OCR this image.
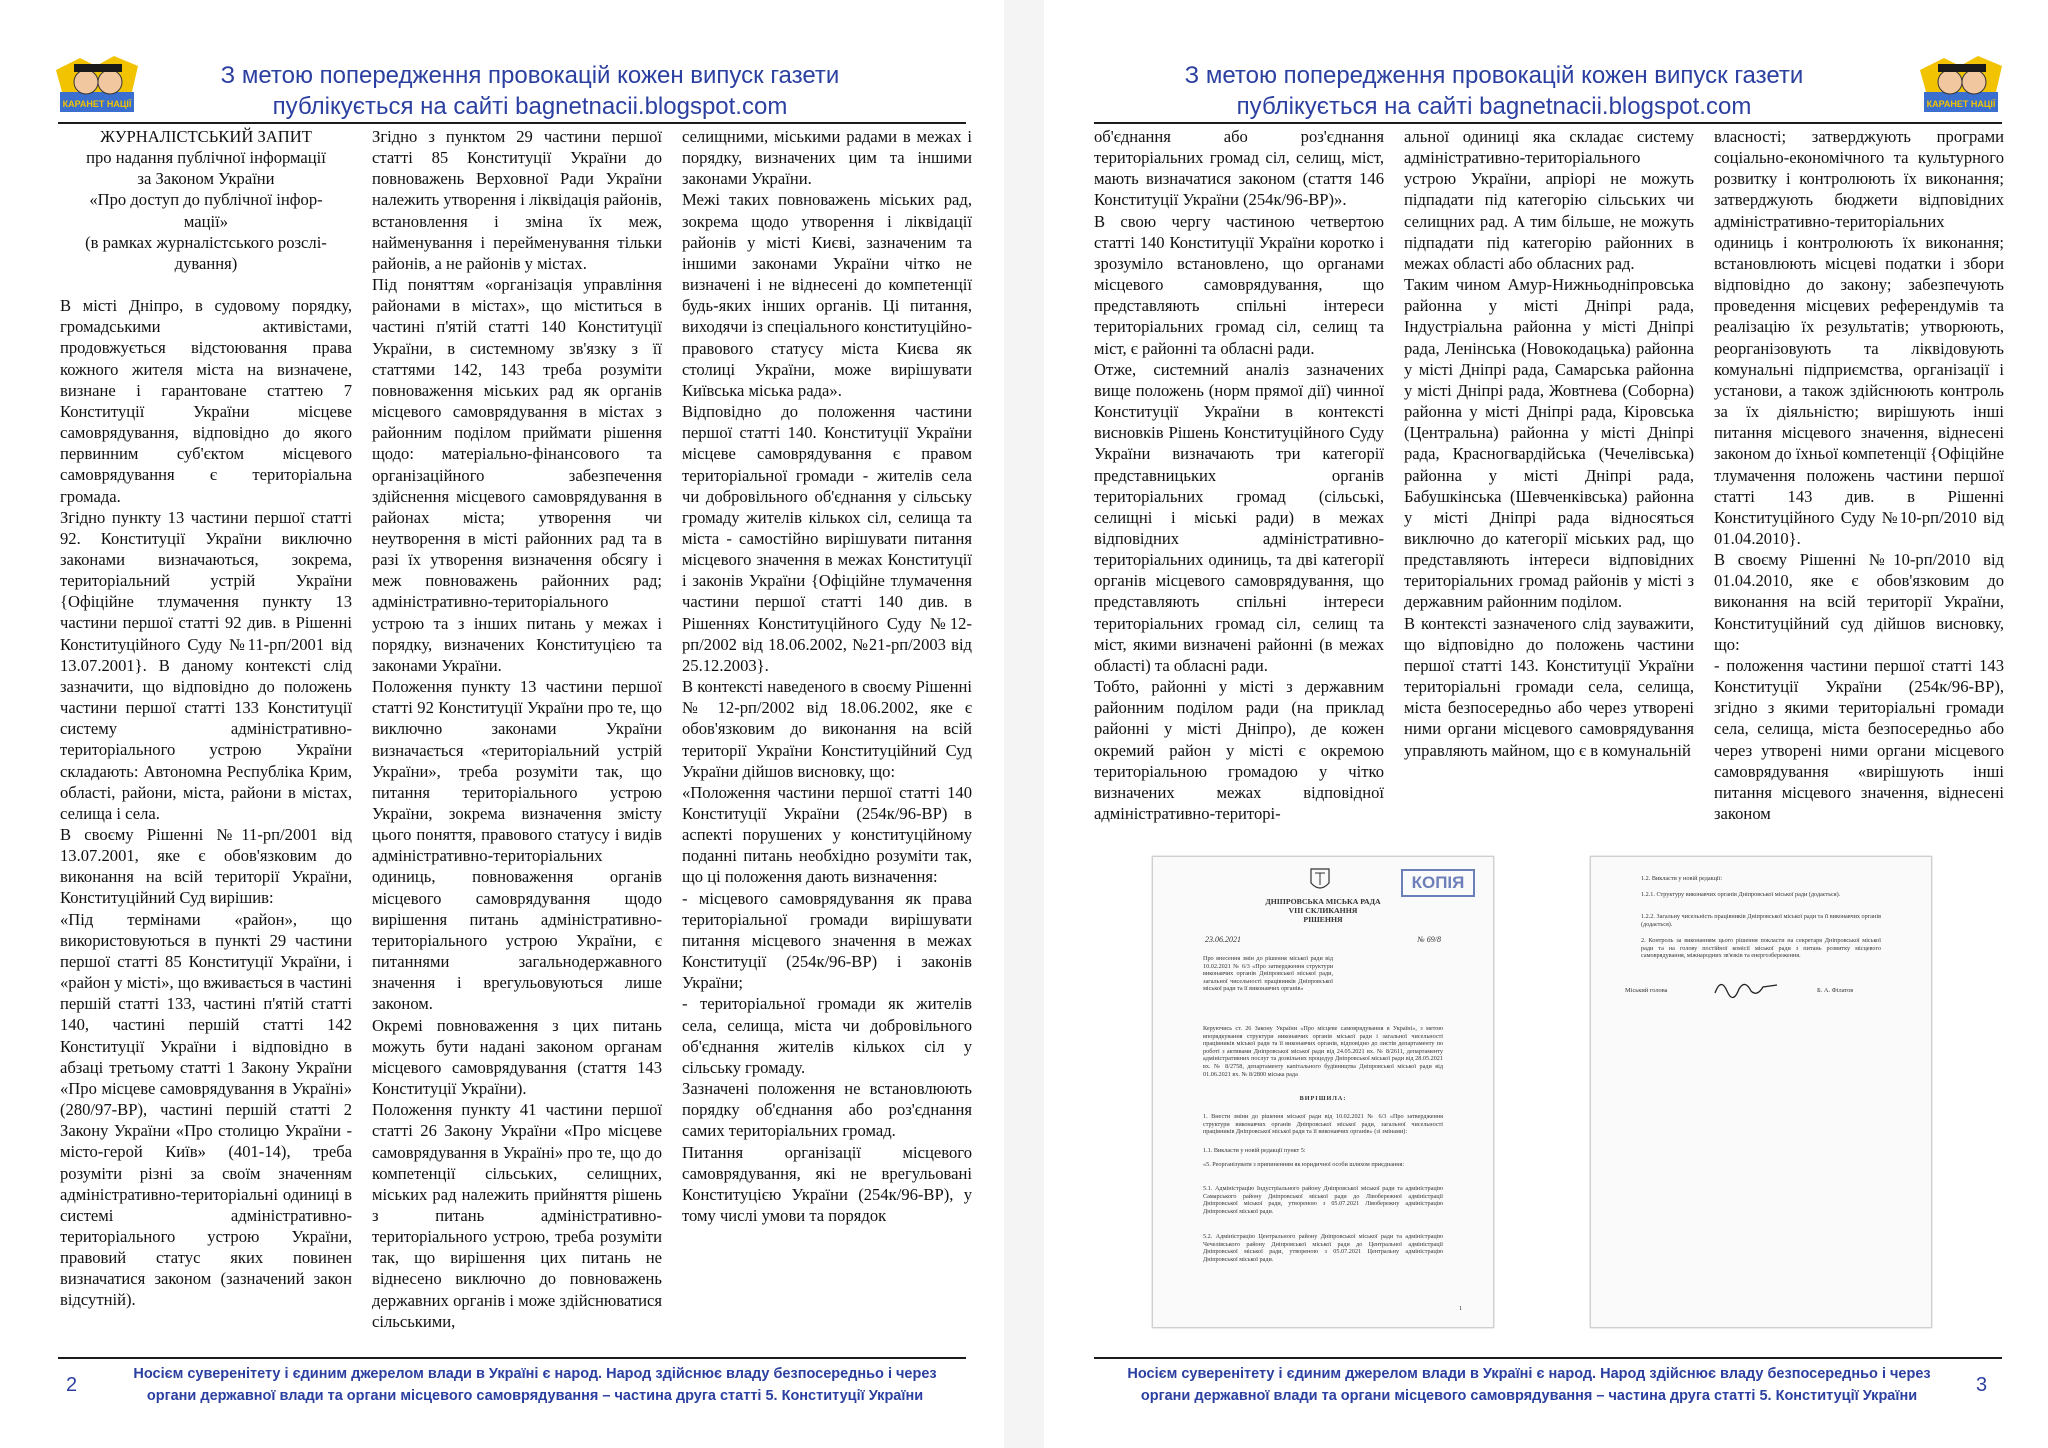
КАРАНЕТ НАЦІЇ
З метою попередження провокацій кожен випуск газети
публікується на сайті bagnetnacii.blogspot.com
ЖУРНАЛІСТСЬКИЙ ЗАПИТ
про надання публічної інформації
за Законом України
«Про доступ до публічної інфор-
мації»
(в рамках журналістського розслі-
дування)

В місті Дніпро, в судовому порядку, громадськими активістами, продовжується відстоювання права кожного жителя міста на визначене, визнане і гарантоване статтею 7 Конституції України місцеве самоврядування, відповідно до якого первинним суб'єктом місцевого самоврядування є територіальна громада.

Згідно пункту 13 частини першої статті 92. Конституції України виключно законами визначаються, зокрема, територіальний устрій України {Офіційне тлумачення пункту 13 частини першої статті 92 див. в Рішенні Конституційного Суду №11-рп/2001 від 13.07.2001}. В даному контексті слід зазначити, що відповідно до положень частини першої статті 133 Конституції систему адміністративно-територіального устрою України складають: Автономна Республіка Крим, області, райони, міста, райони в містах, селища і села.

В своєму Рішенні №11-рп/2001 від 13.07.2001, яке є обов'язковим до виконання на всій території України, Конституційний Суд вирішив:

«Під термінами «район», що використовуються в пункті 29 частини першої статті 85 Конституції України, і «район у місті», що вживається в частині першій статті 133, частині п'ятій статті 140, частині першій статті 142 Конституції України і відповідно в абзаці третьому статті 1 Закону України «Про місцеве самоврядування в Україні» (280/97-ВР), частині першій статті 2 Закону України «Про столицю України - місто-герой Київ» (401-14), треба розуміти різні за своїм значенням адміністративно-територіальні одиниці в системі адміністративно-територіального устрою України, правовий статус яких повинен визначатися законом (зазначений закон відсутній).

Згідно з пунктом 29 частини першої статті 85 Конституції України до повноважень Верховної Ради України належить утворення і ліквідація районів, встановлення і зміна їх меж, найменування і перейменування тільки районів, а не районів у містах.

Під поняттям «організація управління районами в містах», що міститься в частині п'ятій статті 140 Конституції України, в системному зв'язку з її статтями 142, 143 треба розуміти повноваження міських рад як органів місцевого самоврядування в містах з районним поділом приймати рішення щодо: матеріально-фінансового та організаційного забезпечення здійснення місцевого самоврядування в районах міста; утворення чи неутворення в місті районних рад та в разі їх утворення визначення обсягу і меж повноважень районних рад; адміністративно-територіального устрою та з інших питань у межах і порядку, визначених Конституцією та законами України.

Положення пункту 13 частини першої статті 92 Конституції України про те, що виключно законами України визначається «територіальний устрій України», треба розуміти так, що питання територіального устрою України, зокрема визначення змісту цього поняття, правового статусу і видів адміністративно-територіальних одиниць, повноваження органів місцевого самоврядування щодо вирішення питань адміністративно-територіального устрою України, є питаннями загальнодержавного значення і врегульовуються лише законом.

Окремі повноваження з цих питань можуть бути надані законом органам місцевого самоврядування (стаття 143 Конституції України).

Положення пункту 41 частини першої статті 26 Закону України «Про місцеве самоврядування в Україні» про те, що до компетенції сільських, селищних, міських рад належить прийняття рішень з питань адміністративно-територіального устрою, треба розуміти так, що вирішення цих питань не віднесено виключно до повноважень державних органів і може здійснюватися сільськими,

селищними, міськими радами в межах і порядку, визначених цим та іншими законами України.

Межі таких повноважень міських рад, зокрема щодо утворення і ліквідації районів у місті Києві, зазначеним та іншими законами України чітко не визначені і не віднесені до компетенції будь-яких інших органів. Ці питання, виходячи із спеціального конституційно-правового статусу міста Києва як столиці України, може вирішувати Київська міська рада».

Відповідно до положення частини першої статті 140. Конституції України місцеве самоврядування є правом територіальної громади - жителів села чи добровільного об'єднання у сільську громаду жителів кількох сіл, селища та міста - самостійно вирішувати питання місцевого значення в межах Конституції і законів України {Офіційне тлумачення частини першої статті 140 див. в Рішеннях Конституційного Суду №12-рп/2002 від 18.06.2002, №21-рп/2003 від 25.12.2003}.

В контексті наведеного в своєму Рішенні № 12-рп/2002 від 18.06.2002, яке є обов'язковим до виконання на всій території України Конституційний Суд України дійшов висновку, що:

«Положення частини першої статті 140 Конституції України (254к/96-ВР) в аспекті порушених у конституційному поданні питань необхідно розуміти так, що ці положення дають визначення:

- місцевого самоврядування як права територіальної громади вирішувати питання місцевого значення в межах Конституції (254к/96-ВР) і законів України;

- територіальної громади як жителів села, селища, міста чи добровільного об'єднання жителів кількох сіл у сільську громаду.

Зазначені положення не встановлюють порядку об'єднання або роз'єднання самих територіальних громад.

Питання організації місцевого самоврядування, які не врегульовані Конституцією України (254к/96-ВР), у тому числі умови та порядок

2	Носієм суверенітету і єдиним джерелом влади в Україні є народ. Народ здійснює владу безпосередньо і через
органи державної влади та органи місцевого самоврядування – частина друга статті 5. Конституції України
З метою попередження провокацій кожен випуск газети
публікується на сайті bagnetnacii.blogspot.com	КАРАНЕТ НАЦІЇ

об'єднання або роз'єднання територіальних громад сіл, селищ, міст, мають визначатися законом (стаття 146 Конституції України (254к/96-ВР)».

В свою чергу частиною четвертою статті 140 Конституції України коротко і зрозуміло встановлено, що органами місцевого самоврядування, що представляють спільні інтереси територіальних громад сіл, селищ та міст, є районні та обласні ради.

Отже, системний аналіз зазначених вище положень (норм прямої дії) чинної Конституції України в контексті висновків Рішень Конституційного Суду України визначають три категорії представницьких органів територіальних громад (сільські, селищні і міські ради) в межах відповідних адміністративно-територіальних одиниць, та дві категорії органів місцевого самоврядування, що представляють спільні інтереси територіальних громад сіл, селищ та міст, якими визначені районні (в межах області) та обласні ради.

Тобто, районні у місті з державним районним поділом ради (на приклад районні у місті Дніпро), де кожен окремий район у місті є окремою територіальною громадою у чітко визначених межах відповідної адміністративно-територі-

альної одиниці яка складає систему адміністративно-територіального устрою України, апріорі не можуть підпадати під категорію сільських чи селищних рад. А тим більше, не можуть підпадати під категорію районних в межах області або обласних рад.

Таким чином Амур-Нижньодніпровська районна у місті Дніпрі рада, Індустріальна районна у місті Дніпрі рада, Ленінська (Новокодацька) районна у місті Дніпрі рада, Самарська районна у місті Дніпрі рада, Жовтнева (Соборна) районна у місті Дніпрі рада, Кіровська (Центральна) районна у місті Дніпрі рада, Красногвардійська (Чечелівська) районна у місті Дніпрі рада, Бабушкінська (Шевченківська) районна у місті Дніпрі рада відносяться виключно до категорії міських рад, що представляють інтереси відповідних територіальних громад районів у місті з державним районним поділом.

В контексті зазначеного слід зауважити, що відповідно до положень частини першої статті 143. Конституції України територіальні громади села, селища, міста безпосередньо або через утворені ними органи місцевого самоврядування управляють майном, що є в комунальній

власності; затверджують програми соціально-економічного та культурного розвитку і контролюють їх виконання; затверджують бюджети відповідних адміністративно-територіальних одиниць і контролюють їх виконання; встановлюють місцеві податки і збори відповідно до закону; забезпечують проведення місцевих референдумів та реалізацію їх результатів; утворюють, реорганізовують та ліквідовують комунальні підприємства, організації і установи, а також здійснюють контроль за їх діяльністю; вирішують інші питання місцевого значення, віднесені законом до їхньої компетенції {Офіційне тлумачення положень частини першої статті 143 див. в Рішенні Конституційного Суду №10-рп/2010 від 01.04.2010}.

В своєму Рішенні №10-рп/2010 від 01.04.2010, яке є обов'язковим до виконання на всій території України, Конституційний суд дійшов висновку, що:

- положення частини першої статті 143 Конституції України (254к/96-ВР), згідно з якими територіальні громади села, селища, міста безпосередньо або через утворені ними органи місцевого самоврядування «вирішують інші питання місцевого значення, віднесені законом

КОПІЯ
ДНІПРОВСЬКА МІСЬКА РАДА
VIII СКЛИКАННЯ
РІШЕННЯ
23.06.2021	№ 69/8
Про внесення змін до рішення міської ради від 10.02.2021 № 6/3 «Про затвердження структури виконавчих органів Дніпровської міської ради, загальної чисельності працівників Дніпровської міської ради та її виконавчих органів»
Керуючись ст. 26 Закону України «Про місцеве самоврядування в Україні», з метою впорядкування структури виконавчих органів міської ради і загальної чисельності працівників міської ради та її виконавчих органів, відповідно до листів департаменту по роботі з активами Дніпровської міської ради від 24.05.2021 вх. № 8/2611, департаменту адміністративних послуг та дозвільних процедур Дніпровської міської ради від 28.05.2021 вх. № 8/2758, департаменту капітального будівництва Дніпровської міської ради від 01.06.2021 вх. № 8/2800 міська рада
ВИРІШИЛА:
1. Внести зміни до рішення міської ради від 10.02.2021 № 6/3 «Про затвердження структури виконавчих органів Дніпровської міської ради, загальної чисельності працівників Дніпровської міської ради та її виконавчих органів» (зі змінами):
1.1. Викласти у новій редакції пункт 5:
«5. Реорганізувати з припиненням як юридичної особи шляхом приєднання:
5.1. Адміністрацію Індустріального району Дніпровської міської ради та адміністрацію Самарського району Дніпровської міської ради до Лівобережної адміністрації Дніпровської міської ради, утвореною з 05.07.2021 Лівобережну адміністрацію Дніпровської міської ради.
5.2. Адміністрацію Центрального району Дніпровської міської ради та адміністрацію Чечелівського району Дніпровської міської ради до Центральної адміністрації Дніпровської міської ради, утвореною з 05.07.2021 Центральну адміністрацію Дніпровської міської ради.
1
1.2. Викласти у новій редакції:
1.2.1. Структуру виконавчих органів Дніпровської міської ради (додається).
1.2.2. Загальну чисельність працівників Дніпровської міської ради та її виконавчих органів (додається).
2. Контроль за виконанням цього рішення покласти на секретаря Дніпровської міської ради та на голову постійної комісії міської ради з питань розвитку місцевого самоврядування, міжнародних зв'язків та енергозбереження.
Міський голова	Б. А. Філатов
Носієм суверенітету і єдиним джерелом влади в Україні є народ. Народ здійснює владу безпосередньо і через
органи державної влади та органи місцевого самоврядування – частина друга статті 5. Конституції України	3
